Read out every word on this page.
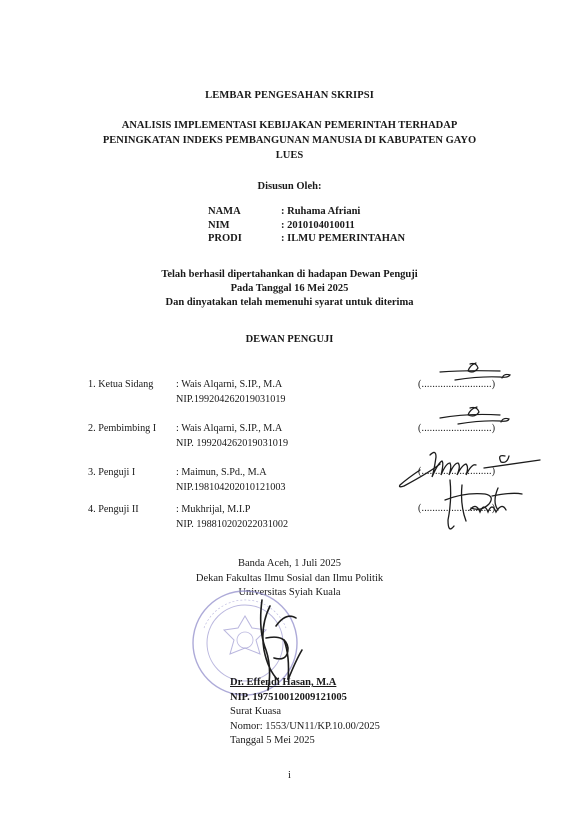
LEMBAR PENGESAHAN SKRIPSI
ANALISIS IMPLEMENTASI KEBIJAKAN PEMERINTAH TERHADAP
PENINGKATAN INDEKS PEMBANGUNAN MANUSIA DI KABUPATEN GAYO
LUES
Disusun Oleh:
NAMA	: Ruhama Afriani
NIM	: 2010104010011
PRODI	: ILMU PEMERINTAHAN
Telah berhasil dipertahankan di hadapan Dewan Penguji
Pada Tanggal 16 Mei 2025
Dan dinyatakan telah memenuhi syarat untuk diterima
DEWAN PENGUJI
1. Ketua Sidang : Wais Alqarni, S.IP., M.A
NIP.199204262019031019
(..........................)
2. Pembimbing I : Wais Alqarni, S.IP., M.A
NIP. 199204262019031019
(..........................)
3. Penguji I	: Maimun, S.Pd., M.A
NIP.198104202010121003
(..........................)
4. Penguji II	: Mukhrijal, M.I.P
NIP. 198810202022031002
(..........................)
Banda Aceh, 1 Juli 2025
Dekan Fakultas Ilmu Sosial dan Ilmu Politik
Universitas Syiah Kuala
Dr. Effendi Hasan, M.A
NIP. 197510012009121005
Surat Kuasa
Nomor: 1553/UN11/KP.10.00/2025
Tanggal 5 Mei 2025
i
